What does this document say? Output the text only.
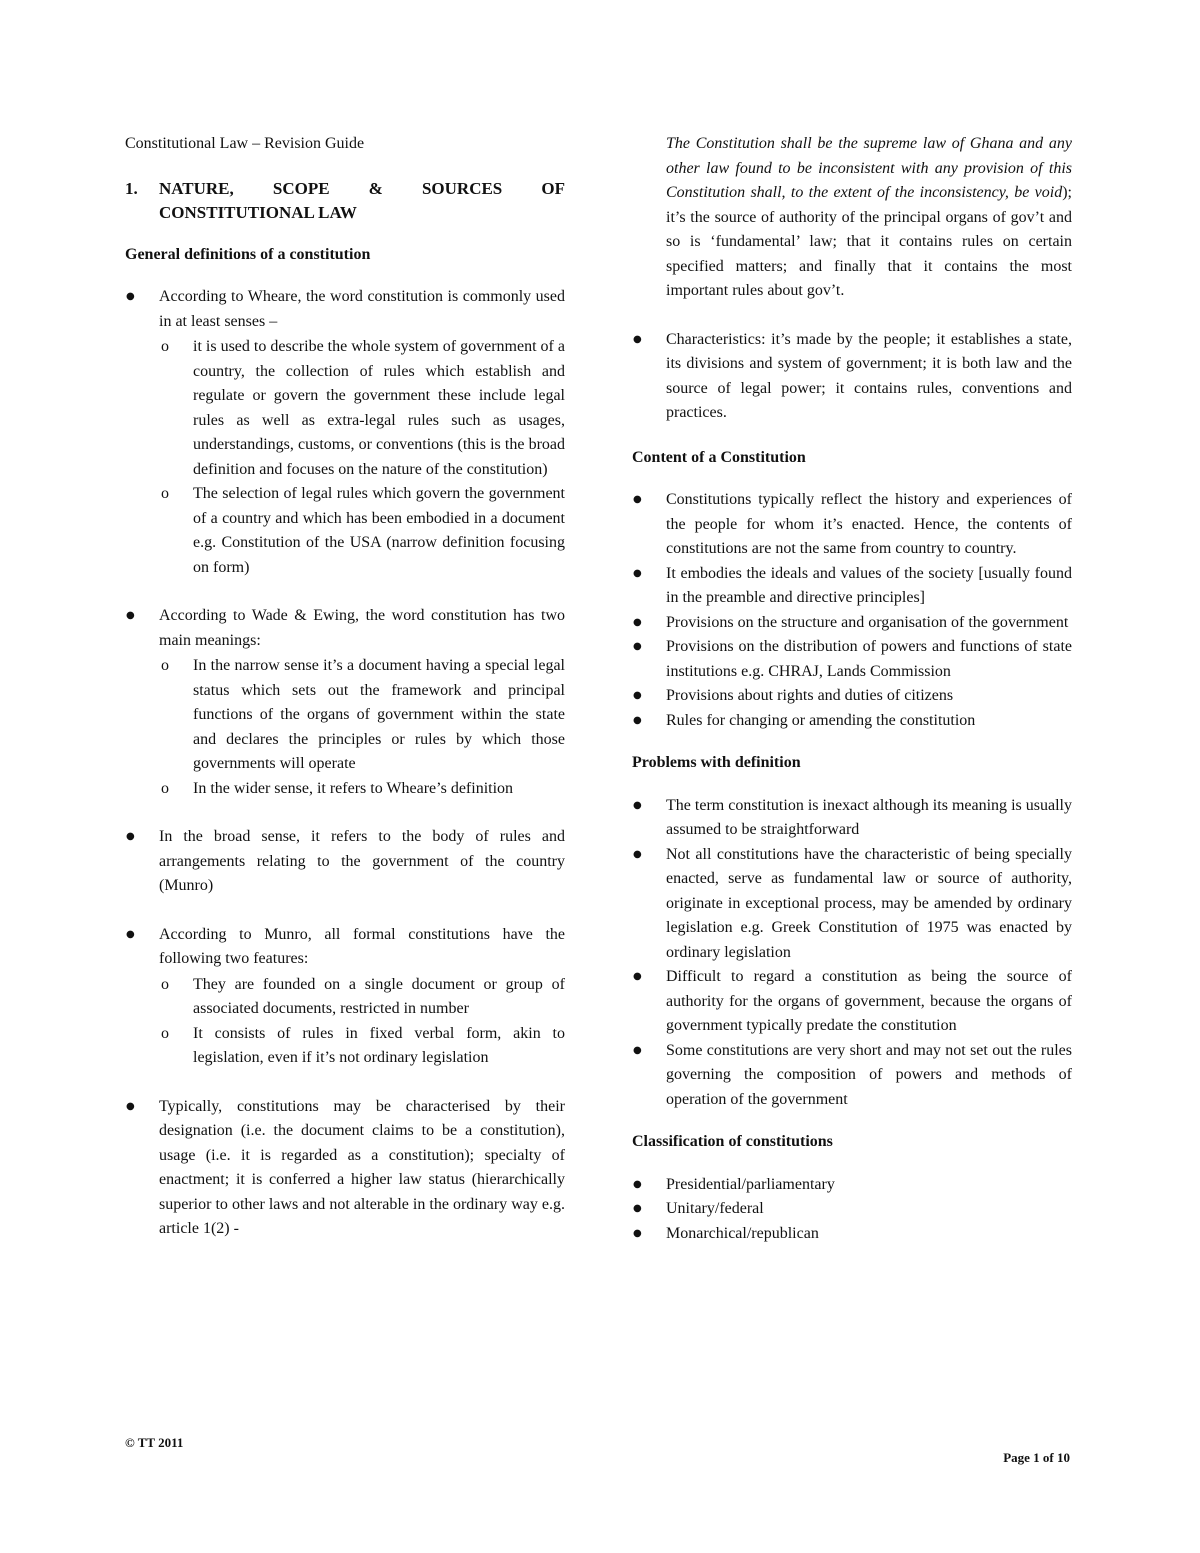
Constitutional Law – Revision Guide

1.	NATURE, SCOPE & SOURCES OF CONSTITUTIONAL LAW

General definitions of a constitution

● According to Wheare, the word constitution is commonly used in at least senses –
o it is used to describe the whole system of government of a country, the collection of rules which establish and regulate or govern the government these include legal rules as well as extra-legal rules such as usages, understandings, customs, or conventions (this is the broad definition and focuses on the nature of the constitution)
o The selection of legal rules which govern the government of a country and which has been embodied in a document e.g. Constitution of the USA (narrow definition focusing on form)
● According to Wade & Ewing, the word constitution has two main meanings:
o In the narrow sense it’s a document having a special legal status which sets out the framework and principal functions of the organs of government within the state and declares the principles or rules by which those governments will operate
o In the wider sense, it refers to Wheare’s definition
● In the broad sense, it refers to the body of rules and arrangements relating to the government of the country (Munro)
● According to Munro, all formal constitutions have the following two features:
o They are founded on a single document or group of associated documents, restricted in number
o It consists of rules in fixed verbal form, akin to legislation, even if it’s not ordinary legislation
● Typically, constitutions may be characterised by their designation (i.e. the document claims to be a constitution), usage (i.e. it is regarded as a constitution); specialty of enactment; it is conferred a higher law status (hierarchically superior to other laws and not alterable in the ordinary way e.g. article 1(2) -

The Constitution shall be the supreme law of Ghana and any other law found to be inconsistent with any provision of this Constitution shall, to the extent of the inconsistency, be void); it’s the source of authority of the principal organs of gov’t and so is ‘fundamental’ law; that it contains rules on certain specified matters; and finally that it contains the most important rules about gov’t.

● Characteristics: it’s made by the people; it establishes a state, its divisions and system of government; it is both law and the source of legal power; it contains rules, conventions and practices.

Content of a Constitution

● Constitutions typically reflect the history and experiences of the people for whom it’s enacted. Hence, the contents of constitutions are not the same from country to country.
● It embodies the ideals and values of the society [usually found in the preamble and directive principles]
● Provisions on the structure and organisation of the government
● Provisions on the distribution of powers and functions of state institutions e.g. CHRAJ, Lands Commission
● Provisions about rights and duties of citizens
● Rules for changing or amending the constitution

Problems with definition

● The term constitution is inexact although its meaning is usually assumed to be straightforward
● Not all constitutions have the characteristic of being specially enacted, serve as fundamental law or source of authority, originate in exceptional process, may be amended by ordinary legislation e.g. Greek Constitution of 1975 was enacted by ordinary legislation
● Difficult to regard a constitution as being the source of authority for the organs of government, because the organs of government typically predate the constitution
● Some constitutions are very short and may not set out the rules governing the composition of powers and methods of operation of the government

Classification of constitutions

● Presidential/parliamentary
● Unitary/federal
● Monarchical/republican
© TT 2011
Page 1 of 10
